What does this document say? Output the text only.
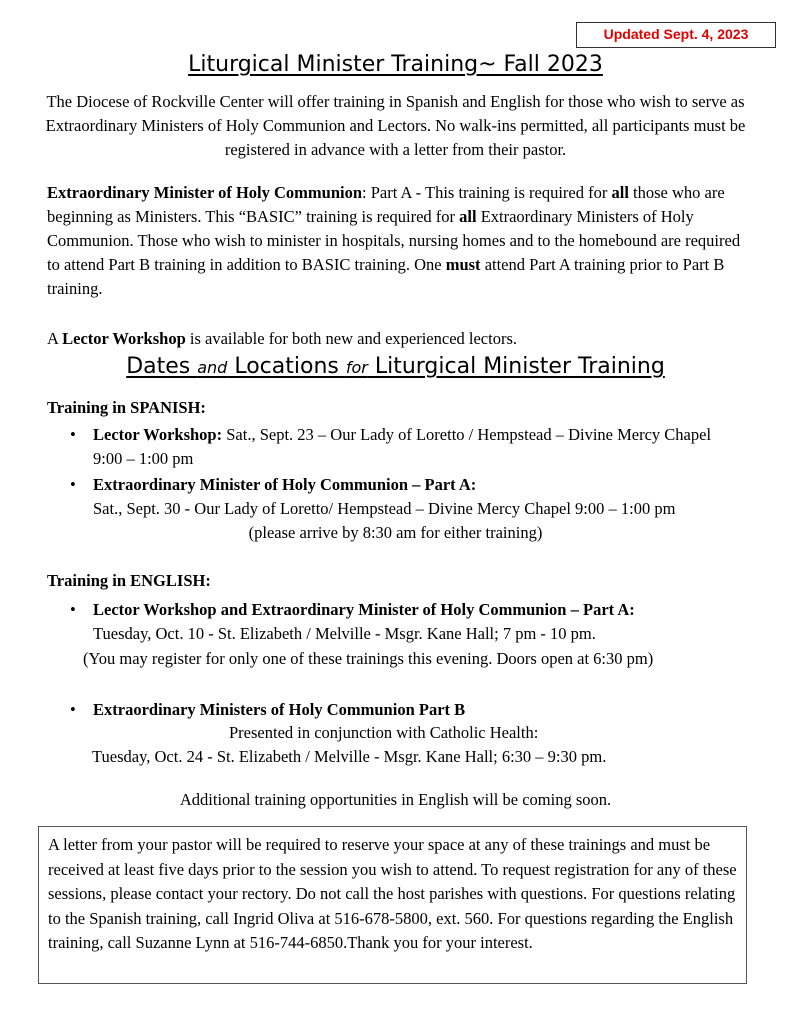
Updated Sept. 4, 2023
Liturgical Minister Training~ Fall 2023
The Diocese of Rockville Center will offer training in Spanish and English for those who wish to serve as Extraordinary Ministers of Holy Communion and Lectors. No walk-ins permitted, all participants must be registered in advance with a letter from their pastor.
Extraordinary Minister of Holy Communion: Part A - This training is required for all those who are beginning as Ministers. This “BASIC” training is required for all Extraordinary Ministers of Holy Communion. Those who wish to minister in hospitals, nursing homes and to the homebound are required to attend Part B training in addition to BASIC training. One must attend Part A training prior to Part B training.
A Lector Workshop is available for both new and experienced lectors.
Dates and Locations for Liturgical Minister Training
Training in SPANISH:
• Lector Workshop: Sat., Sept. 23 – Our Lady of Loretto / Hempstead – Divine Mercy Chapel 9:00 – 1:00 pm
• Extraordinary Minister of Holy Communion – Part A:
Sat., Sept. 30 - Our Lady of Loretto/ Hempstead – Divine Mercy Chapel 9:00 – 1:00 pm
(please arrive by 8:30 am for either training)
Training in ENGLISH:
• Lector Workshop and Extraordinary Minister of Holy Communion – Part A:
Tuesday, Oct. 10 - St. Elizabeth / Melville - Msgr. Kane Hall; 7 pm - 10 pm.
(You may register for only one of these trainings this evening. Doors open at 6:30 pm)
• Extraordinary Ministers of Holy Communion Part B
Presented in conjunction with Catholic Health:
Tuesday, Oct. 24 - St. Elizabeth / Melville - Msgr. Kane Hall; 6:30 – 9:30 pm.
Additional training opportunities in English will be coming soon.
A letter from your pastor will be required to reserve your space at any of these trainings and must be received at least five days prior to the session you wish to attend. To request registration for any of these sessions, please contact your rectory. Do not call the host parishes with questions. For questions relating to the Spanish training, call Ingrid Oliva at 516-678-5800, ext. 560. For questions regarding the English training, call Suzanne Lynn at 516-744-6850.Thank you for your interest.
